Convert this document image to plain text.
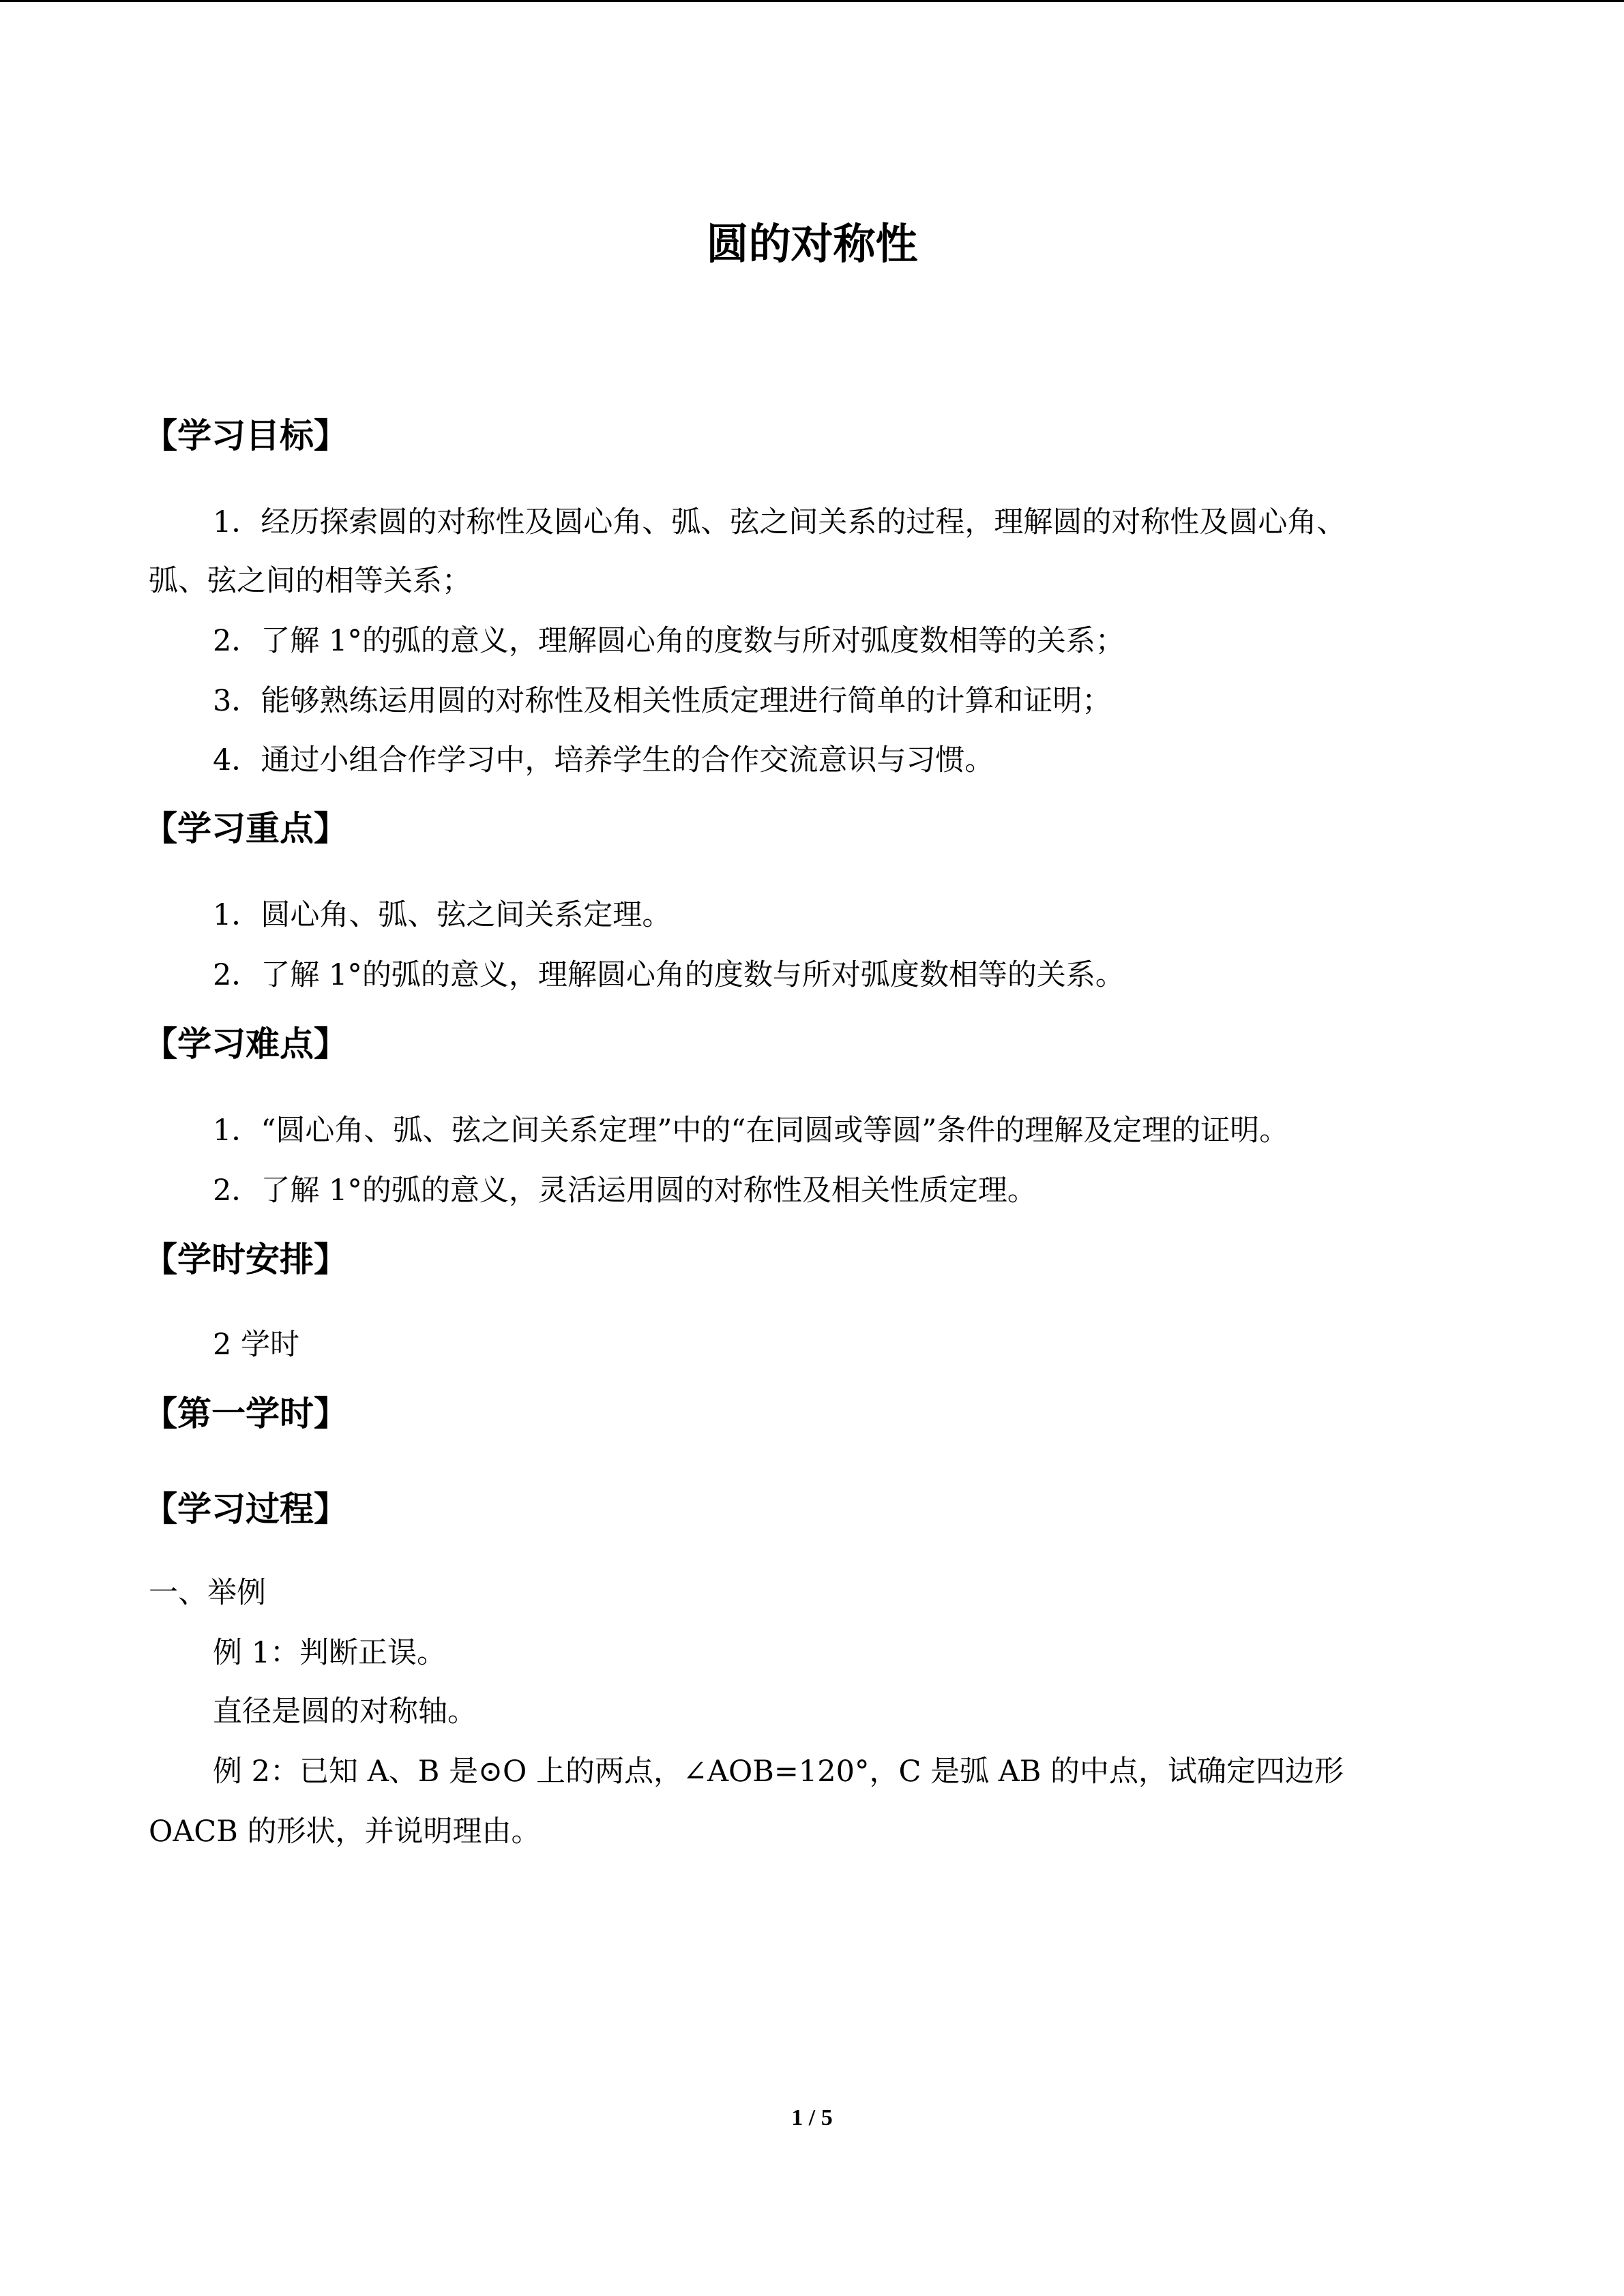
圆的对称性
【学习目标】
1．经历探索圆的对称性及圆心角、弧、弦之间关系的过程，理解圆的对称性及圆心角、
弧、弦之间的相等关系；
2．了解 1°的弧的意义，理解圆心角的度数与所对弧度数相等的关系；
3．能够熟练运用圆的对称性及相关性质定理进行简单的计算和证明；
4．通过小组合作学习中，培养学生的合作交流意识与习惯。
【学习重点】
1．圆心角、弧、弦之间关系定理。
2．了解 1°的弧的意义，理解圆心角的度数与所对弧度数相等的关系。
【学习难点】
1．“圆心角、弧、弦之间关系定理”中的“在同圆或等圆”条件的理解及定理的证明。
2．了解 1°的弧的意义，灵活运用圆的对称性及相关性质定理。
【学时安排】
2 学时
【第一学时】
【学习过程】
一、举例
例 1：判断正误。
直径是圆的对称轴。
例 2：已知 A、B 是⊙O 上的两点，∠AOB=120°，C 是弧 AB 的中点，试确定四边形
OACB 的形状，并说明理由。
1 / 5
